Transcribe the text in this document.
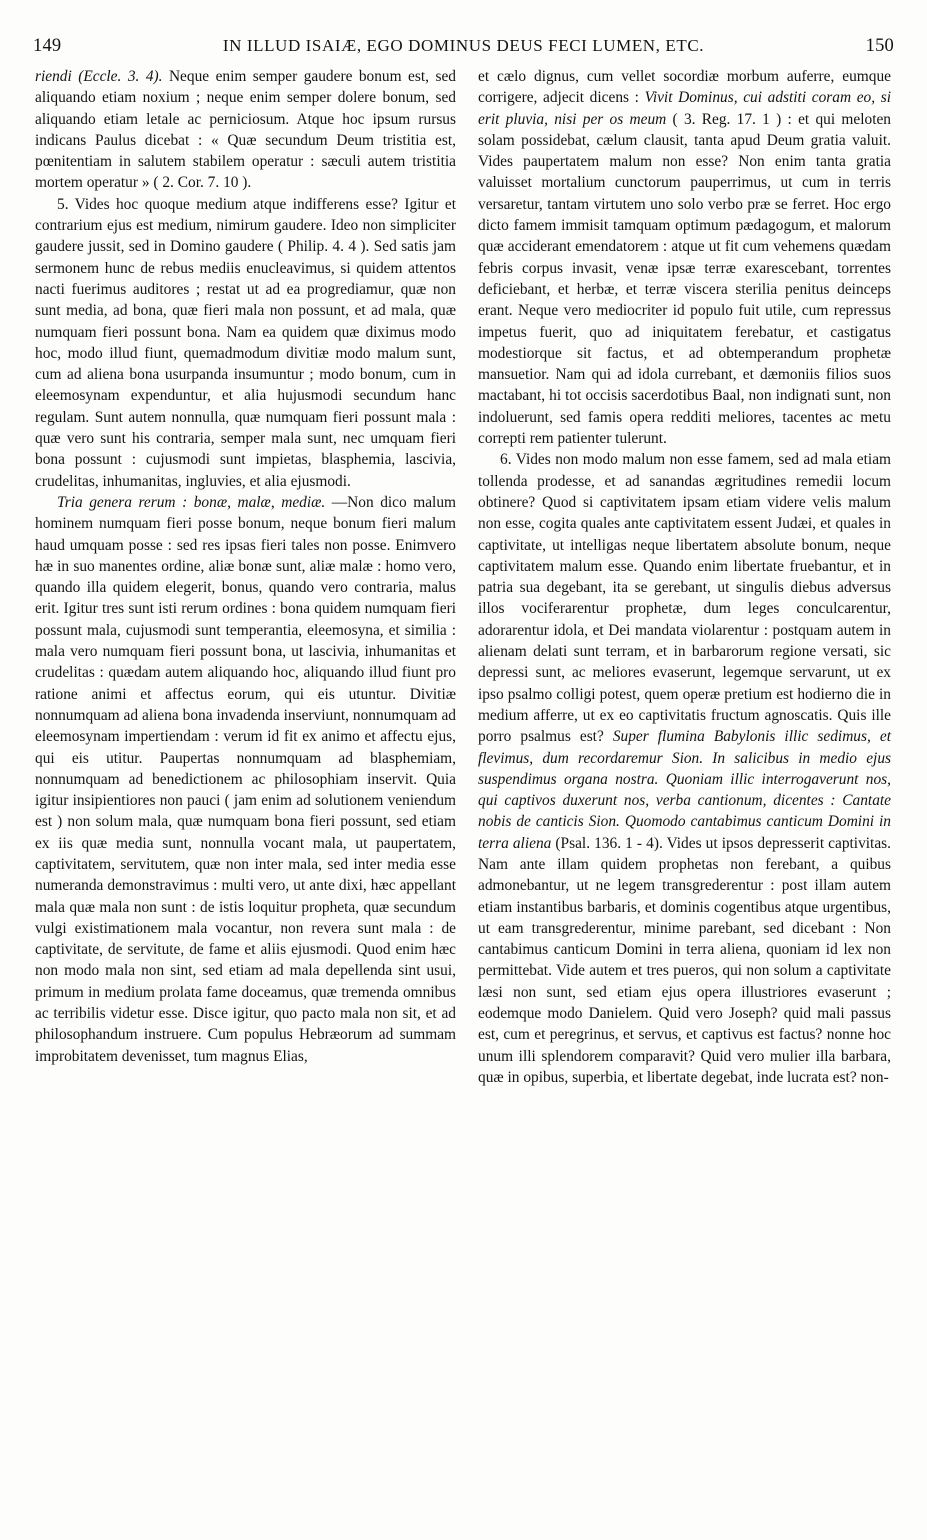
149	IN ILLUD ISAIÆ, EGO DOMINUS DEUS FECI LUMEN, ETC.	150

riendi (Eccle. 3. 4). Neque enim semper gaudere bonum est, sed aliquando etiam noxium ; neque enim semper dolere bonum, sed aliquando etiam letale ac perniciosum. Atque hoc ipsum rursus indicans Paulus dicebat : « Quæ secundum Deum tristitia est, pœnitentiam in salutem stabilem operatur : sæculi autem tristitia mortem operatur » ( 2. Cor. 7. 10 ).

5. Vides hoc quoque medium atque indifferens esse? Igitur et contrarium ejus est medium, nimirum gaudere. Ideo non simpliciter gaudere jussit, sed in Domino gaudere ( Philip. 4. 4 ). Sed satis jam sermonem hunc de rebus mediis enucleavimus, si quidem attentos nacti fuerimus auditores ; restat ut ad ea progrediamur, quæ non sunt media, ad bona, quæ fieri mala non possunt, et ad mala, quæ numquam fieri possunt bona. Nam ea quidem quæ diximus modo hoc, modo illud fiunt, quemadmodum divitiæ modo malum sunt, cum ad aliena bona usurpanda insumuntur ; modo bonum, cum in eleemosynam expenduntur, et alia hujusmodi secundum hanc regulam. Sunt autem nonnulla, quæ numquam fieri possunt mala : quæ vero sunt his contraria, semper mala sunt, nec umquam fieri bona possunt : cujusmodi sunt impietas, blasphemia, lascivia, crudelitas, inhumanitas, ingluvies, et alia ejusmodi.

Tria genera rerum : bonæ, malæ, mediæ. —Non dico malum hominem numquam fieri posse bonum, neque bonum fieri malum haud umquam posse : sed res ipsas fieri tales non posse. Enimvero hæ in suo manentes ordine, aliæ bonæ sunt, aliæ malæ : homo vero, quando illa quidem elegerit, bonus, quando vero contraria, malus erit. Igitur tres sunt isti rerum ordines : bona quidem numquam fieri possunt mala, cujusmodi sunt temperantia, eleemosyna, et similia : mala vero numquam fieri possunt bona, ut lascivia, inhumanitas et crudelitas : quædam autem aliquando hoc, aliquando illud fiunt pro ratione animi et affectus eorum, qui eis utuntur. Divitiæ nonnumquam ad aliena bona invadenda inserviunt, nonnumquam ad eleemosynam impertiendam : verum id fit ex animo et affectu ejus, qui eis utitur. Paupertas nonnumquam ad blasphemiam, nonnumquam ad benedictionem ac philosophiam inservit. Quia igitur insipientiores non pauci ( jam enim ad solutionem veniendum est ) non solum mala, quæ numquam bona fieri possunt, sed etiam ex iis quæ media sunt, nonnulla vocant mala, ut paupertatem, captivitatem, servitutem, quæ non inter mala, sed inter media esse numeranda demonstravimus : multi vero, ut ante dixi, hæc appellant mala quæ mala non sunt : de istis loquitur propheta, quæ secundum vulgi existimationem mala vocantur, non revera sunt mala : de captivitate, de servitute, de fame et aliis ejusmodi. Quod enim hæc non modo mala non sint, sed etiam ad mala depellenda sint usui, primum in medium prolata fame doceamus, quæ tremenda omnibus ac terribilis videtur esse. Disce igitur, quo pacto mala non sit, et ad philosophandum instruere. Cum populus Hebræorum ad summam improbitatem devenisset, tum magnus Elias,

et cælo dignus, cum vellet socordiæ morbum auferre, eumque corrigere, adjecit dicens : Vivit Dominus, cui adstiti coram eo, si erit pluvia, nisi per os meum ( 3. Reg. 17. 1 ) : et qui meloten solam possidebat, cælum clausit, tanta apud Deum gratia valuit. Vides paupertatem malum non esse? Non enim tanta gratia valuisset mortalium cunctorum pauperrimus, ut cum in terris versaretur, tantam virtutem uno solo verbo præ se ferret. Hoc ergo dicto famem immisit tamquam optimum pædagogum, et malorum quæ acciderant emendatorem : atque ut fit cum vehemens quædam febris corpus invasit, venæ ipsæ terræ exarescebant, torrentes deficiebant, et herbæ, et terræ viscera sterilia penitus deinceps erant. Neque vero mediocriter id populo fuit utile, cum repressus impetus fuerit, quo ad iniquitatem ferebatur, et castigatus modestiorque sit factus, et ad obtemperandum prophetæ mansuetior. Nam qui ad idola currebant, et dæmoniis filios suos mactabant, hi tot occisis sacerdotibus Baal, non indignati sunt, non indoluerunt, sed famis opera redditi meliores, tacentes ac metu correpti rem patienter tulerunt.

6. Vides non modo malum non esse famem, sed ad mala etiam tollenda prodesse, et ad sanandas ægritudines remedii locum obtinere? Quod si captivitatem ipsam etiam videre velis malum non esse, cogita quales ante captivitatem essent Judæi, et quales in captivitate, ut intelligas neque libertatem absolute bonum, neque captivitatem malum esse. Quando enim libertate fruebantur, et in patria sua degebant, ita se gerebant, ut singulis diebus adversus illos vociferarentur prophetæ, dum leges conculcarentur, adorarentur idola, et Dei mandata violarentur : postquam autem in alienam delati sunt terram, et in barbarorum regione versati, sic depressi sunt, ac meliores evaserunt, legemque servarunt, ut ex ipso psalmo colligi potest, quem operæ pretium est hodierno die in medium afferre, ut ex eo captivitatis fructum agnoscatis. Quis ille porro psalmus est? Super flumina Babylonis illic sedimus, et flevimus, dum recordaremur Sion. In salicibus in medio ejus suspendimus organa nostra. Quoniam illic interrogaverunt nos, qui captivos duxerunt nos, verba cantionum, dicentes : Cantate nobis de canticis Sion. Quomodo cantabimus canticum Domini in terra aliena (Psal. 136. 1 - 4). Vides ut ipsos depresserit captivitas. Nam ante illam quidem prophetas non ferebant, a quibus admonebantur, ut ne legem transgrederentur : post illam autem etiam instantibus barbaris, et dominis cogentibus atque urgentibus, ut eam transgrederentur, minime parebant, sed dicebant : Non cantabimus canticum Domini in terra aliena, quoniam id lex non permittebat. Vide autem et tres pueros, qui non solum a captivitate læsi non sunt, sed etiam ejus opera illustriores evaserunt ; eodemque modo Danielem. Quid vero Joseph? quid mali passus est, cum et peregrinus, et servus, et captivus est factus? nonne hoc unum illi splendorem comparavit? Quid vero mulier illa barbara, quæ in opibus, superbia, et libertate degebat, inde lucrata est? non-
